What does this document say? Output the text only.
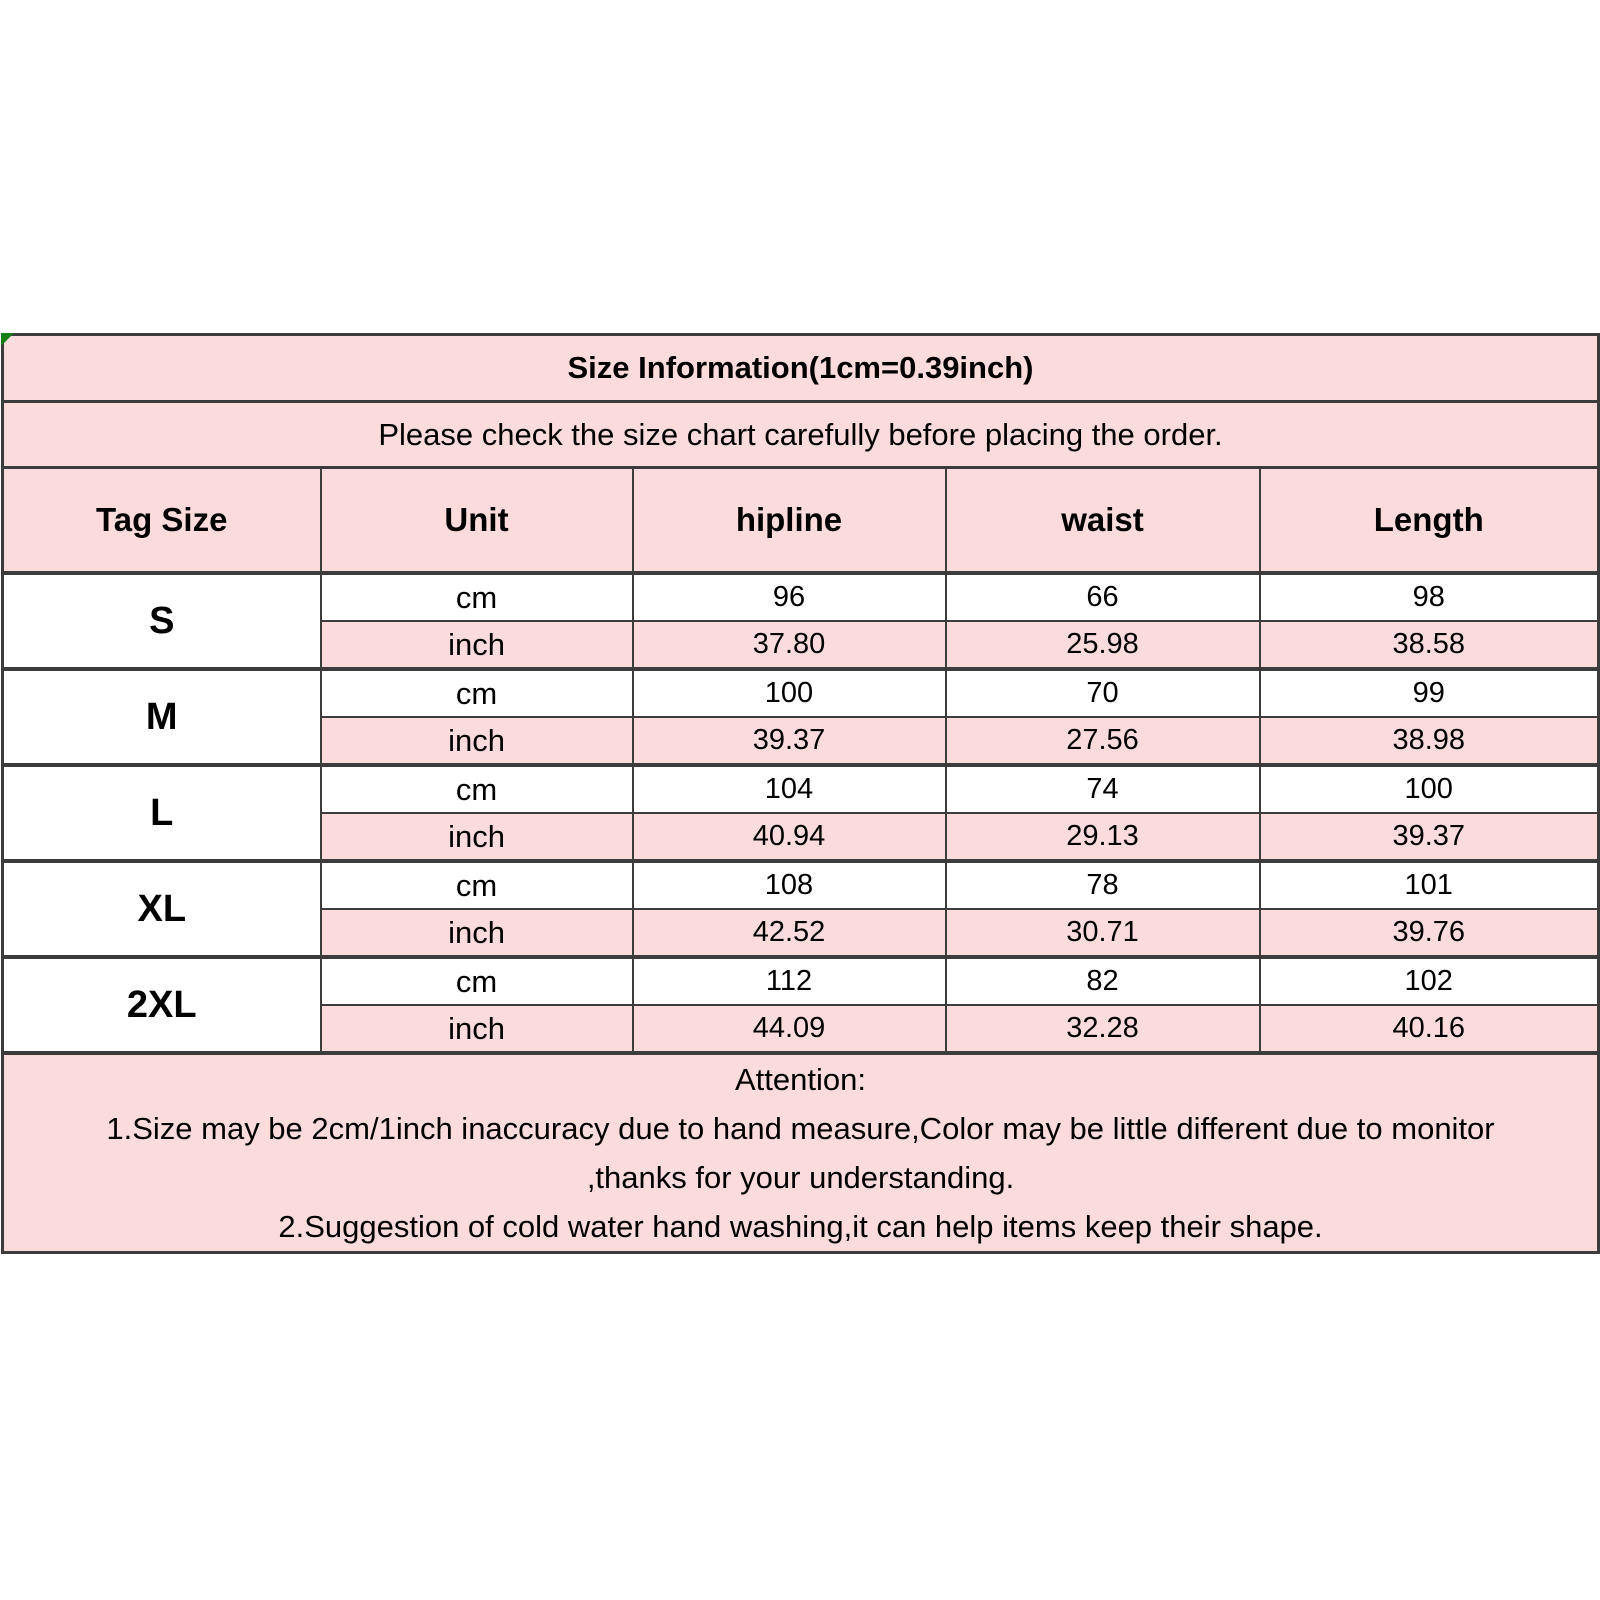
Size Information(1cm=0.39inch)				
Please check the size chart carefully before placing the order.				
Tag Size	Unit	hipline	waist	Length
S	cm	96	66	98
	inch	37.80	25.98	38.58
M	cm	100	70	99
	inch	39.37	27.56	38.98
L	cm	104	74	100
	inch	40.94	29.13	39.37
XL	cm	108	78	101
	inch	42.52	30.71	39.76
2XL	cm	112	82	102
	inch	44.09	32.28	40.16

Attention:
1.Size may be 2cm/1inch inaccuracy due to hand measure,Color may be little different due to monitor
,thanks for your understanding.
2.Suggestion of cold water hand washing,it can help items keep their shape.				
